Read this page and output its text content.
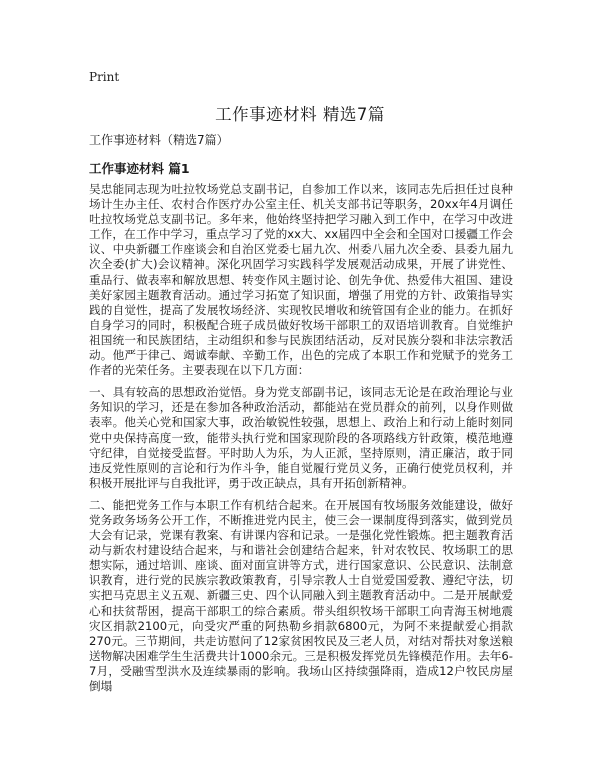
Print
工作事迹材料 精选7篇
工作事迹材料（精选7篇）
工作事迹材料 篇1

吴忠能同志现为吐拉牧场党总支副书记，自参加工作以来，该同志先后担任过良种场计生办主任、农村合作医疗办公室主任、机关支部书记等职务，20xx年4月调任吐拉牧场党总支副书记。多年来，他始终坚持把学习融入到工作中，在学习中改进工作，在工作中学习，重点学习了党的xx大、xx届四中全会和全国对口援疆工作会议、中央新疆工作座谈会和自治区党委七届九次、州委八届九次全委、县委九届九次全委(扩大)会议精神。深化巩固学习实践科学发展观活动成果，开展了讲党性、重品行、做表率和解放思想、转变作风主题讨论、创先争优、热爱伟大祖国、建设美好家园主题教育活动。通过学习拓宽了知识面，增强了用党的方针、政策指导实践的自觉性，提高了发展牧场经济、实现牧民增收和统管国有企业的能力。在抓好自身学习的同时，积极配合班子成员做好牧场干部职工的双语培训教育。自觉维护祖国统一和民族团结，主动组织和参与民族团结活动，反对民族分裂和非法宗教活动。他严于律己、竭诚奉献、辛勤工作，出色的完成了本职工作和党赋予的党务工作者的光荣任务。主要表现在以下几方面：

一、具有较高的思想政治觉悟。身为党支部副书记，该同志无论是在政治理论与业务知识的学习，还是在参加各种政治活动，都能站在党员群众的前列，以身作则做表率。他关心党和国家大事，政治敏锐性较强，思想上、政治上和行动上能时刻同党中央保持高度一致，能带头执行党和国家现阶段的各项路线方针政策，模范地遵守纪律，自觉接受监督。平时助人为乐，为人正派，坚持原则，清正廉洁，敢于同违反党性原则的言论和行为作斗争，能自觉履行党员义务，正确行使党员权利，并积极开展批评与自我批评，勇于改正缺点，具有开拓创新精神。

二、能把党务工作与本职工作有机结合起来。在开展国有牧场服务效能建设，做好党务政务场务公开工作，不断推进党内民主，使三会一课制度得到落实，做到党员大会有记录，党课有教案、有讲课内容和记录。一是强化党性锻炼。把主题教育活动与新农村建设结合起来，与和谐社会创建结合起来，针对农牧民、牧场职工的思想实际，通过培训、座谈、面对面宣讲等方式，进行国家意识、公民意识、法制意识教育，进行党的民族宗教政策教育，引导宗教人士自觉爱国爱教、遵纪守法，切实把马克思主义五观、新疆三史、四个认同融入到主题教育活动中。二是开展献爱心和扶贫帮困，提高干部职工的综合素质。带头组织牧场干部职工向青海玉树地震灾区捐款2100元，向受灾严重的阿热勒乡捐款6800元，为阿不来提献爱心捐款270元。三节期间，共走访慰问了12家贫困牧民及三老人员，对结对帮扶对象送粮送物解决困难学生生活费共计1000余元。三是积极发挥党员先锋模范作用。去年6-7月，受融雪型洪水及连续暴雨的影响。我场山区持续强降雨，造成12户牧民房屋倒塌
